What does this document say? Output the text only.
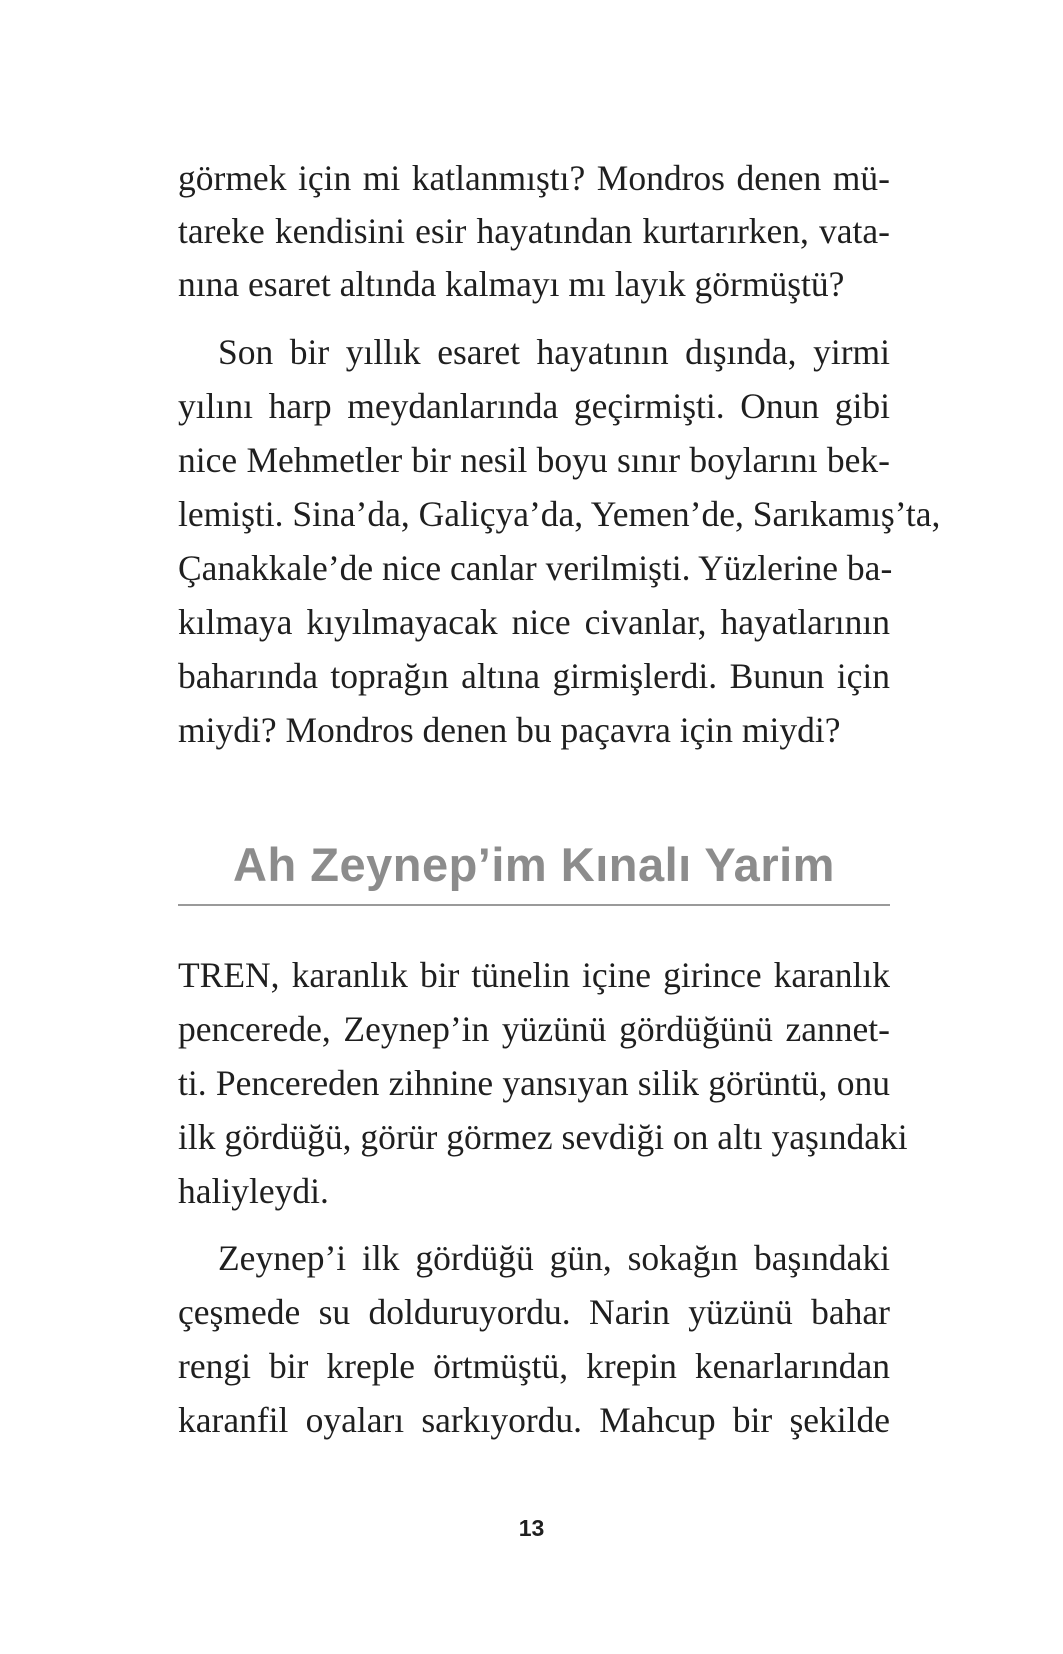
görmek için mi katlanmıştı? Mondros denen mü-
tareke kendisini esir hayatından kurtarırken, vata-
nına esaret altında kalmayı mı layık görmüştü?
Son bir yıllık esaret hayatının dışında, yirmi
yılını harp meydanlarında geçirmişti. Onun gibi
nice Mehmetler bir nesil boyu sınır boylarını bek-
lemişti. Sina’da, Galiçya’da, Yemen’de, Sarıkamış’ta,
Çanakkale’de nice canlar verilmişti. Yüzlerine ba-
kılmaya kıyılmayacak nice civanlar, hayatlarının
baharında toprağın altına girmişlerdi. Bunun için
miydi? Mondros denen bu paçavra için miydi?
Ah Zeynep’im Kınalı Yarim
TREN, karanlık bir tünelin içine girince karanlık
pencerede, Zeynep’in yüzünü gördüğünü zannet-
ti. Pencereden zihnine yansıyan silik görüntü, onu
ilk gördüğü, görür görmez sevdiği on altı yaşındaki
haliyleydi.
Zeynep’i ilk gördüğü gün, sokağın başındaki
çeşmede su dolduruyordu. Narin yüzünü bahar
rengi bir kreple örtmüştü, krepin kenarlarından
karanfil oyaları sarkıyordu. Mahcup bir şekilde
13
